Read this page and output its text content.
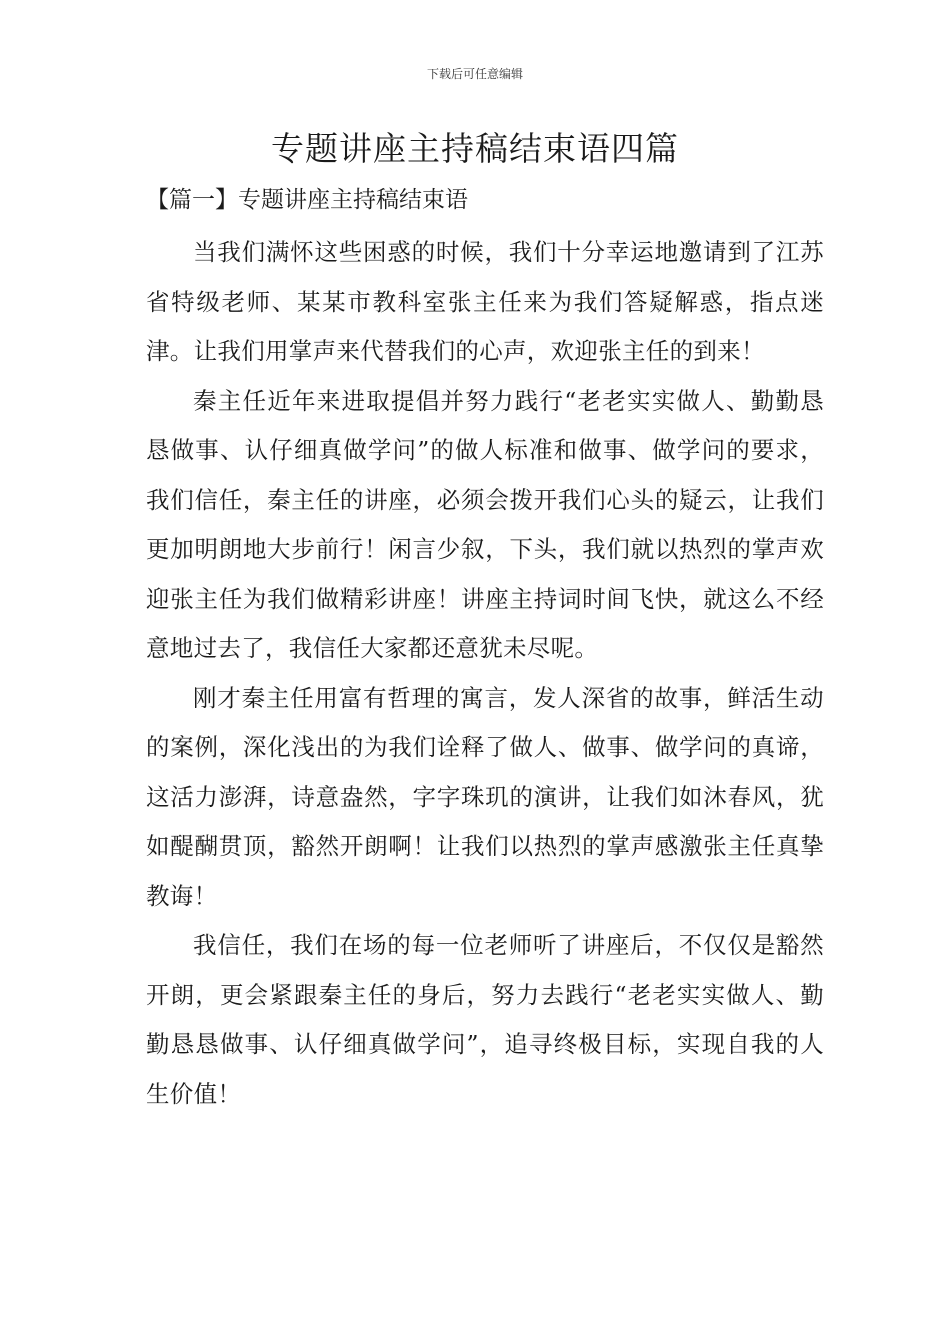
下载后可任意编辑
专题讲座主持稿结束语四篇
【篇一】专题讲座主持稿结束语

当我们满怀这些困惑的时候，我们十分幸运地邀请到了江苏省特级老师、某某市教科室张主任来为我们答疑解惑，指点迷津。让我们用掌声来代替我们的心声，欢迎张主任的到来！

秦主任近年来进取提倡并努力践行“老老实实做人、勤勤恳恳做事、认仔细真做学问”的做人标准和做事、做学问的要求，我们信任，秦主任的讲座，必须会拨开我们心头的疑云，让我们更加明朗地大步前行！闲言少叙，下头，我们就以热烈的掌声欢迎张主任为我们做精彩讲座！讲座主持词时间飞快，就这么不经意地过去了，我信任大家都还意犹未尽呢。

刚才秦主任用富有哲理的寓言，发人深省的故事，鲜活生动的案例，深化浅出的为我们诠释了做人、做事、做学问的真谛，这活力澎湃，诗意盎然，字字珠玑的演讲，让我们如沐春风，犹如醍醐贯顶，豁然开朗啊！让我们以热烈的掌声感激张主任真挚教诲！

我信任，我们在场的每一位老师听了讲座后，不仅仅是豁然开朗，更会紧跟秦主任的身后，努力去践行“老老实实做人、勤勤恳恳做事、认仔细真做学问”，追寻终极目标，实现自我的人生价值！
